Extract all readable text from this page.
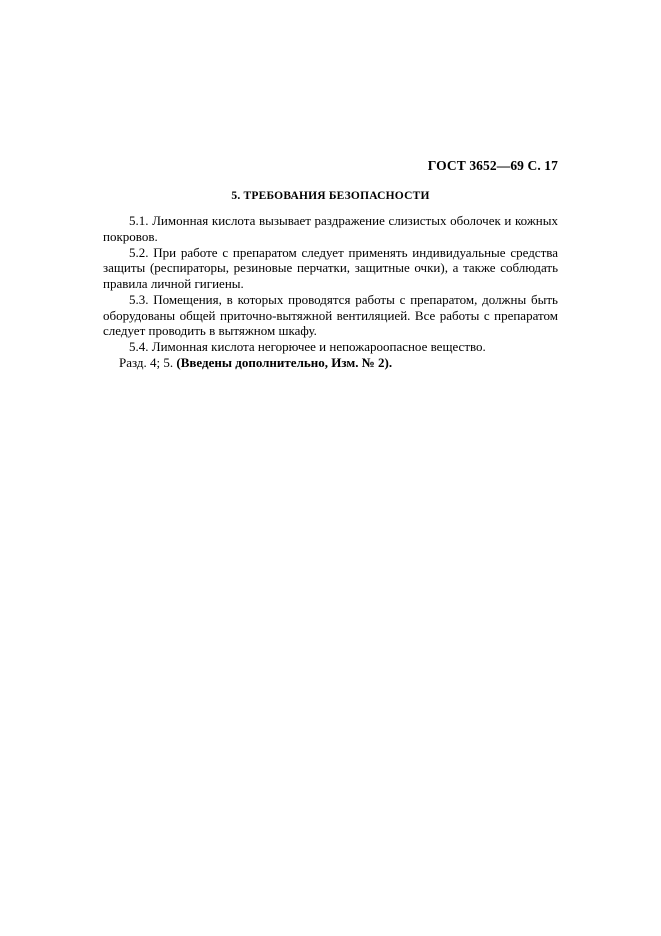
ГОСТ 3652—69 С. 17
5. ТРЕБОВАНИЯ БЕЗОПАСНОСТИ

5.1. Лимонная кислота вызывает раздражение слизистых оболочек и кожных покровов.

5.2. При работе с препаратом следует применять индивидуальные средства защиты (респираторы, резиновые перчатки, защитные очки), а также соблюдать правила личной гигиены.

5.3. Помещения, в которых проводятся работы с препаратом, должны быть оборудованы общей приточно-вытяжной вентиляцией. Все работы с препаратом следует проводить в вытяжном шкафу.

5.4. Лимонная кислота негорючее и непожароопасное вещество.

Разд. 4; 5. (Введены дополнительно, Изм. № 2).
